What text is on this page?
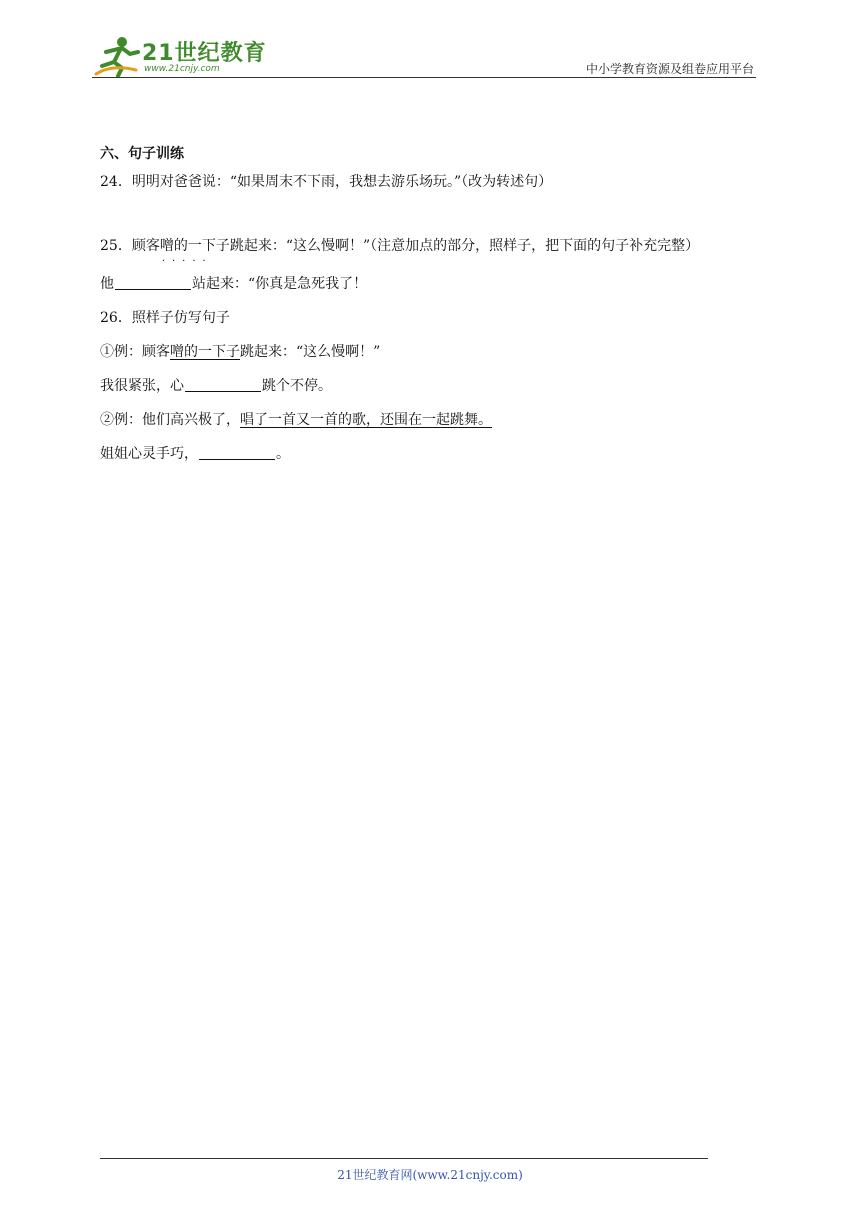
21世纪教育
www.21cnjy.com	中小学教育资源及组卷应用平台
六、句子训练
24．明明对爸爸说：“如果周末不下雨，我想去游乐场玩。”（改为转述句）
25．顾客噌的一下子
·····
跳起来：“这么慢啊！”（注意加点的部分，照样子，把下面的句子补充完整）
他	站起来：“你真是急死我了！
26．照样子仿写句子
①例：顾客噌的一下子跳起来：“这么慢啊！”
我很紧张，心	跳个不停。
②例：他们高兴极了，唱了一首又一首的歌，还围在一起跳舞。
姐姐心灵手巧，	。
21世纪教育网(www.21cnjy.com)
